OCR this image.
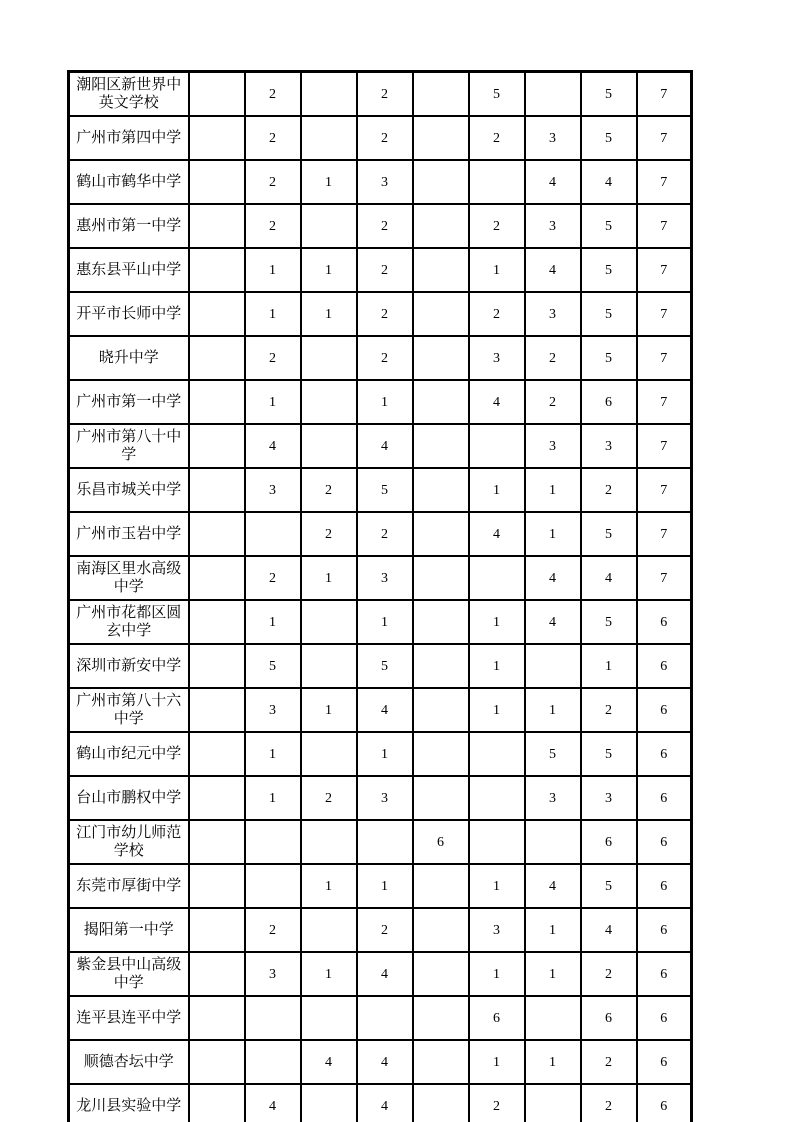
潮阳区新世界中英文学校		2		2		5		5	7
广州市第四中学		2		2		2	3	5	7
鹤山市鹤华中学		2	1	3			4	4	7
惠州市第一中学		2		2		2	3	5	7
惠东县平山中学		1	1	2		1	4	5	7
开平市长师中学		1	1	2		2	3	5	7
晓升中学		2		2		3	2	5	7
广州市第一中学		1		1		4	2	6	7
广州市第八十中学		4		4			3	3	7
乐昌市城关中学		3	2	5		1	1	2	7
广州市玉岩中学			2	2		4	1	5	7
南海区里水高级中学		2	1	3			4	4	7
广州市花都区圆玄中学		1		1		1	4	5	6
深圳市新安中学		5		5		1		1	6
广州市第八十六中学		3	1	4		1	1	2	6
鹤山市纪元中学		1		1			5	5	6
台山市鹏权中学		1	2	3			3	3	6
江门市幼儿师范学校					6			6	6
东莞市厚街中学			1	1		1	4	5	6
揭阳第一中学		2		2		3	1	4	6
紫金县中山高级中学		3	1	4		1	1	2	6
连平县连平中学						6		6	6
顺德杏坛中学			4	4		1	1	2	6
龙川县实验中学		4		4		2		2	6
